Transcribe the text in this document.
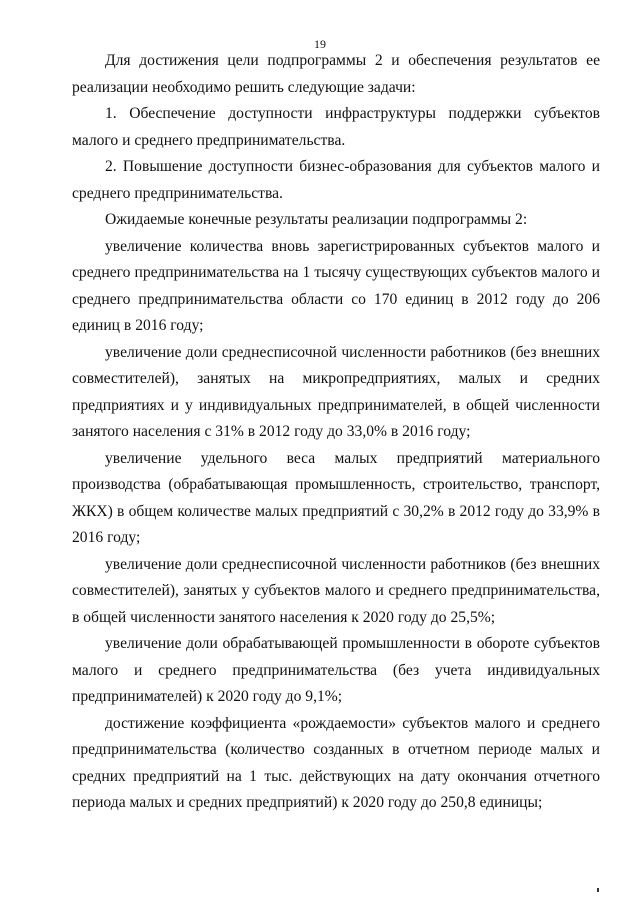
19

Для достижения цели подпрограммы 2 и обеспечения результатов ее реализации необходимо решить следующие задачи:

1. Обеспечение доступности инфраструктуры поддержки субъектов малого и среднего предпринимательства.

2. Повышение доступности бизнес-образования для субъектов малого и среднего предпринимательства.

Ожидаемые конечные результаты реализации подпрограммы 2:

увеличение количества вновь зарегистрированных субъектов малого и среднего предпринимательства на 1 тысячу существующих субъектов малого и среднего предпринимательства области со 170 единиц в 2012 году до 206 единиц в 2016 году;

увеличение доли среднесписочной численности работников (без внешних совместителей), занятых на микропредприятиях, малых и средних предприятиях и у индивидуальных предпринимателей, в общей численности занятого населения с 31% в 2012 году до 33,0% в 2016 году;

увеличение удельного веса малых предприятий материального производства (обрабатывающая промышленность, строительство, транспорт, ЖКХ) в общем количестве малых предприятий с 30,2% в 2012 году до 33,9% в 2016 году;

увеличение доли среднесписочной численности работников (без внешних совместителей), занятых у субъектов малого и среднего предпринимательства, в общей численности занятого населения к 2020 году до 25,5%;

увеличение доли обрабатывающей промышленности в обороте субъектов малого и среднего предпринимательства (без учета индивидуальных предпринимателей) к 2020 году до 9,1%;

достижение коэффициента «рождаемости» субъектов малого и среднего предпринимательства (количество созданных в отчетном периоде малых и средних предприятий на 1 тыс. действующих на дату окончания отчетного периода малых и средних предприятий) к 2020 году до 250,8 единицы;
